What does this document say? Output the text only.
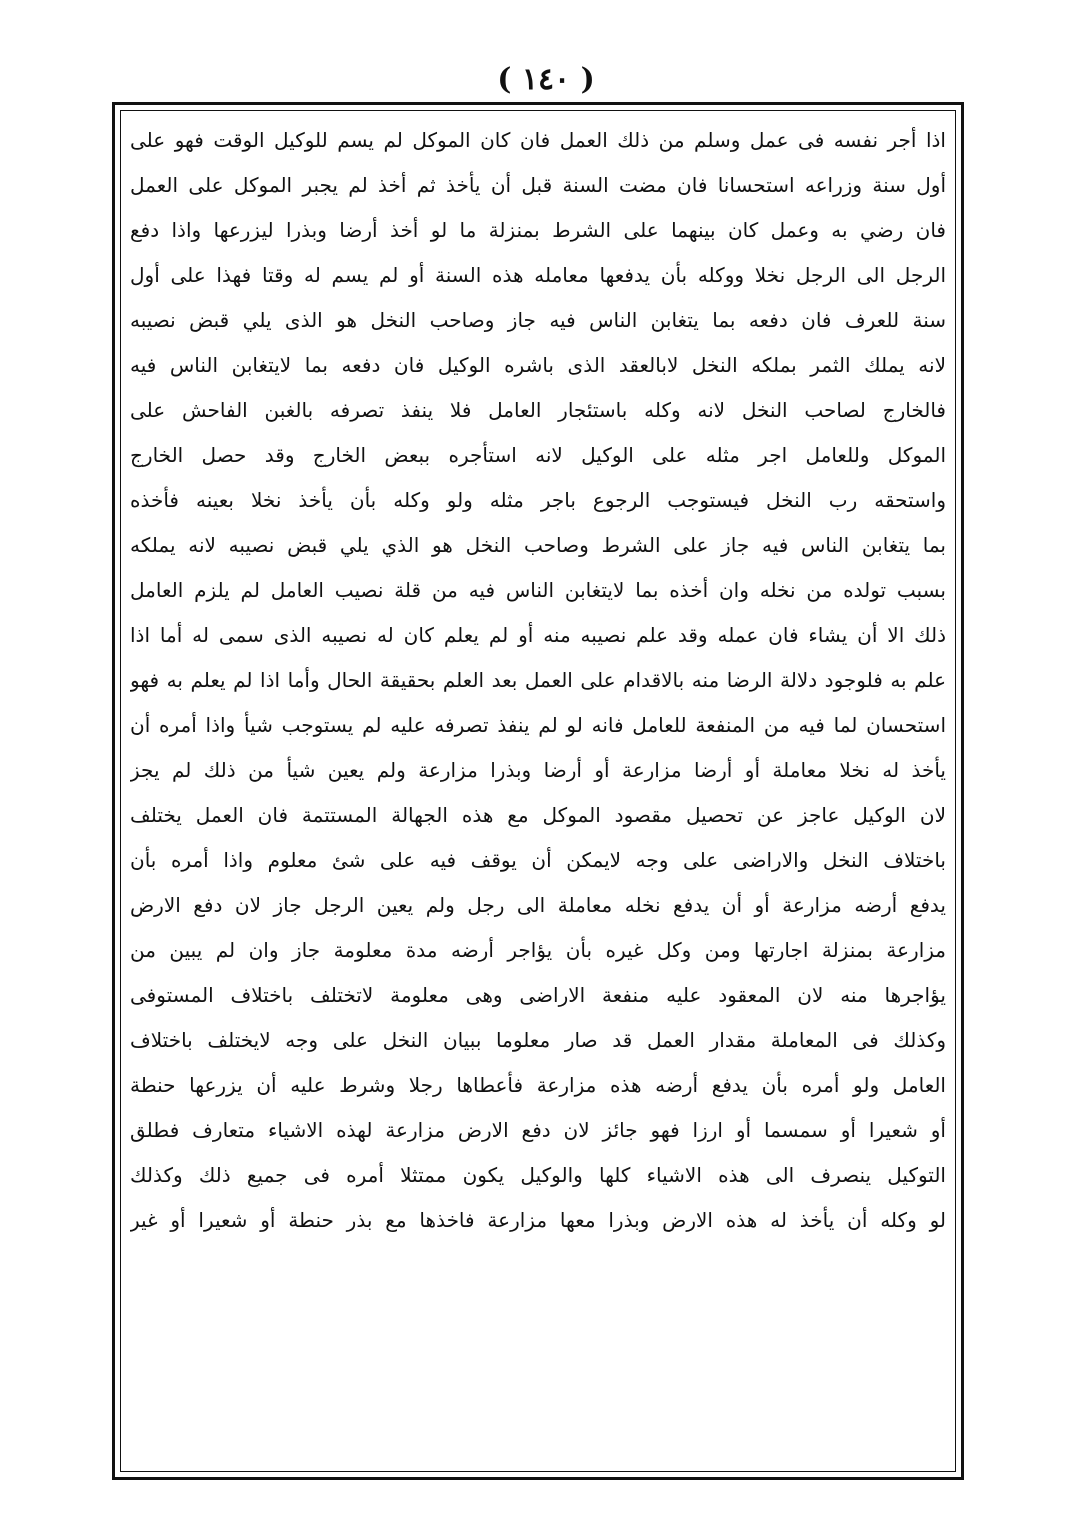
( ١٤٠ )
اذا أجر نفسه فى عمل وسلم من ذلك العمل فان كان الموكل لم يسم للوكيل الوقت فهو على
أول سنة وزراعه استحسانا فان مضت السنة قبل أن يأخذ ثم أخذ لم يجبر الموكل على العمل
فان رضي به وعمل كان بينهما على الشرط بمنزلة ما لو أخذ أرضا وبذرا ليزرعها واذا دفع
الرجل الى الرجل نخلا ووكله بأن يدفعها معامله هذه السنة أو لم يسم له وقتا فهذا على أول
سنة للعرف فان دفعه بما يتغابن الناس فيه جاز وصاحب النخل هو الذى يلي قبض نصيبه
لانه يملك الثمر بملكه النخل لابالعقد الذى باشره الوكيل فان دفعه بما لايتغابن الناس فيه
فالخارج لصاحب النخل لانه وكله باستئجار العامل فلا ينفذ تصرفه بالغبن الفاحش على
الموكل وللعامل اجر مثله على الوكيل لانه استأجره ببعض الخارج وقد حصل الخارج
واستحقه رب النخل فيستوجب الرجوع باجر مثله ولو وكله بأن يأخذ نخلا بعينه فأخذه
بما يتغابن الناس فيه جاز على الشرط وصاحب النخل هو الذي يلي قبض نصيبه لانه يملكه
بسبب تولده من نخله وان أخذه بما لايتغابن الناس فيه من قلة نصيب العامل لم يلزم العامل
ذلك الا أن يشاء فان عمله وقد علم نصيبه منه أو لم يعلم كان له نصيبه الذى سمى له أما اذا
علم به فلوجود دلالة الرضا منه بالاقدام على العمل بعد العلم بحقيقة الحال وأما اذا لم يعلم به فهو
استحسان لما فيه من المنفعة للعامل فانه لو لم ينفذ تصرفه عليه لم يستوجب شيأ واذا أمره أن
يأخذ له نخلا معاملة أو أرضا مزارعة أو أرضا وبذرا مزارعة ولم يعين شيأ من ذلك لم يجز
لان الوكيل عاجز عن تحصيل مقصود الموكل مع هذه الجهالة المستتمة فان العمل يختلف
باختلاف النخل والاراضى على وجه لايمكن أن يوقف فيه على شئ معلوم واذا أمره بأن
يدفع أرضه مزارعة أو أن يدفع نخله معاملة الى رجل ولم يعين الرجل جاز لان دفع الارض
مزارعة بمنزلة اجارتها ومن وكل غيره بأن يؤاجر أرضه مدة معلومة جاز وان لم يبين من
يؤاجرها منه لان المعقود عليه منفعة الاراضى وهى معلومة لاتختلف باختلاف المستوفى
وكذلك فى المعاملة مقدار العمل قد صار معلوما ببيان النخل على وجه لايختلف باختلاف
العامل ولو أمره بأن يدفع أرضه هذه مزارعة فأعطاها رجلا وشرط عليه أن يزرعها حنطة
أو شعيرا أو سمسما أو ارزا فهو جائز لان دفع الارض مزارعة لهذه الاشياء متعارف فطلق
التوكيل ينصرف الى هذه الاشياء كلها والوكيل يكون ممتثلا أمره فى جميع ذلك وكذلك
لو وكله أن يأخذ له هذه الارض وبذرا معها مزارعة فاخذها مع بذر حنطة أو شعيرا أو غير
